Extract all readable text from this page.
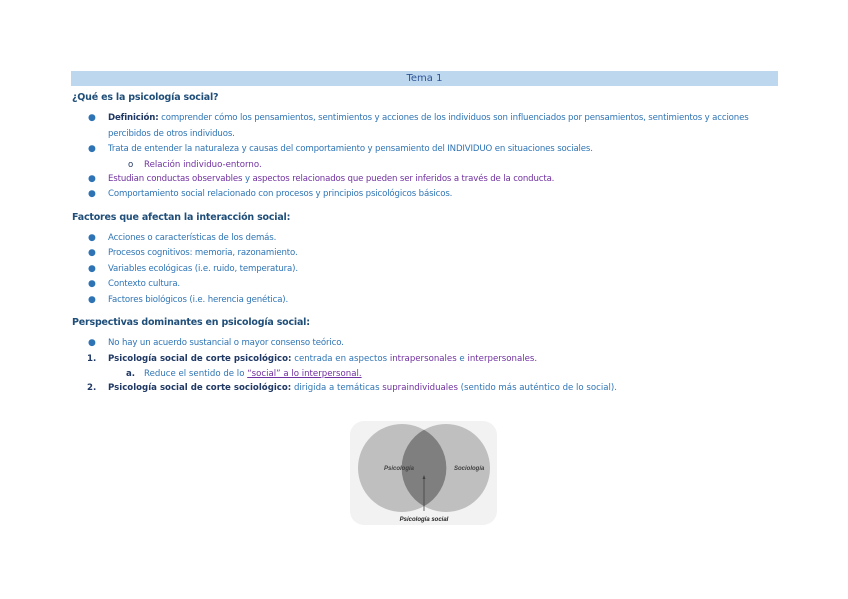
Tema 1
¿Qué es la psicología social?
● Definición: comprender cómo los pensamientos, sentimientos y acciones de los individuos son influenciados por pensamientos, sentimientos y acciones percibidos de otros individuos.
● Trata de entender la naturaleza y causas del comportamiento y pensamiento del INDIVIDUO en situaciones sociales.
o Relación individuo-entorno.
● Estudian conductas observables y aspectos relacionados que pueden ser inferidos a través de la conducta.
● Comportamiento social relacionado con procesos y principios psicológicos básicos.
Factores que afectan la interacción social:
● Acciones o características de los demás.
● Procesos cognitivos: memoria, razonamiento.
● Variables ecológicas (i.e. ruido, temperatura).
● Contexto cultura.
● Factores biológicos (i.e. herencia genética).
Perspectivas dominantes en psicología social:
● No hay un acuerdo sustancial o mayor consenso teórico.
1. Psicología social de corte psicológico: centrada en aspectos intrapersonales e interpersonales.
a. Reduce el sentido de lo “social” a lo interpersonal.
2. Psicología social de corte sociológico: dirigida a temáticas supraindividuales (sentido más auténtico de lo social).
Psicología	Sociología
Psicología social
